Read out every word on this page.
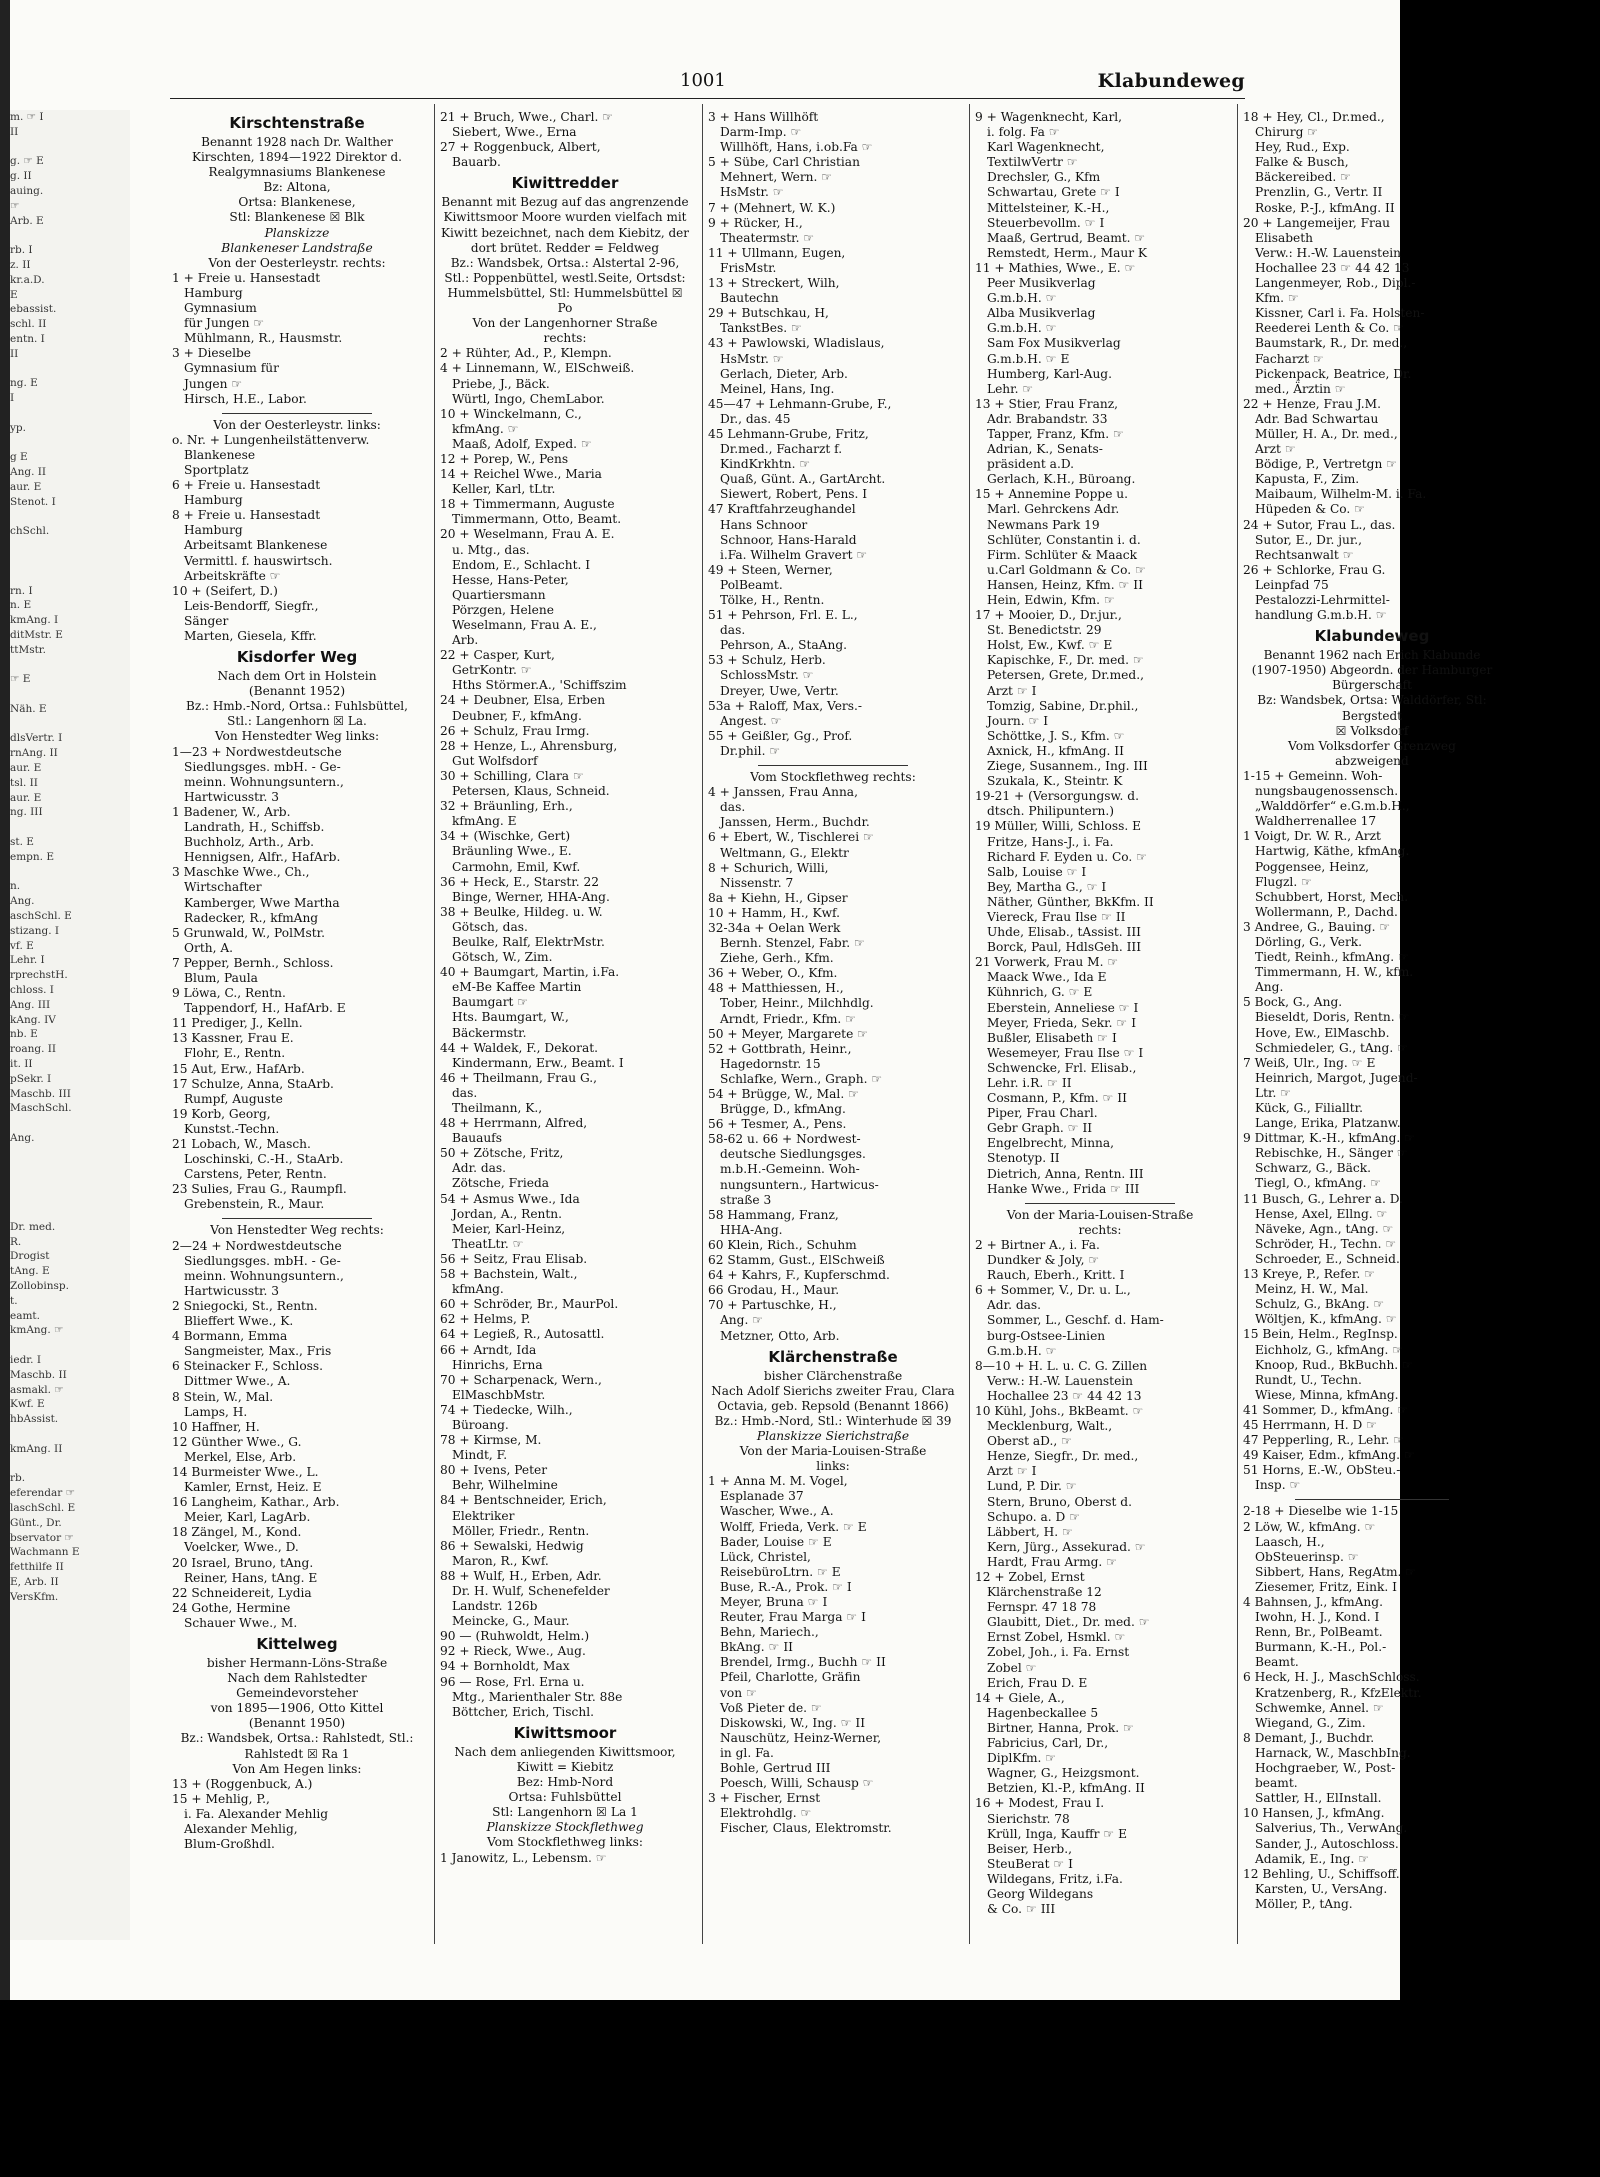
m. ☞ I
II

g. ☞ E
g. II
auing.
☞
Arb. E

rb. I
z. II
kr.a.D.
E
ebassist.
schl. II
entn. I
II

ng. E
I

yp.

g E
Ang. II
aur. E
Stenot. I

chSchl.

rn. I
n. E
kmAng. I
ditMstr. E
ttMstr.

☞ E

Näh. E

dlsVertr. I
rnAng. II
aur. E
tsl. II
aur. E
ng. III

st. E
empn. E

n.
Ang.
aschSchl. E
stizang. I
vf. E
Lehr. I
rprechstH.
chloss. I
Ang. III
kAng. IV
nb. E
roang. II
it. II
pSekr. I
Maschb. III
MaschSchl.

Ang.

Dr. med.
R.
Drogist
tAng. E
Zollobinsp.
t.
eamt.
kmAng. ☞

iedr. I
Maschb. II
asmakl. ☞
Kwf. E
hbAssist.

kmAng. II

rb.
eferendar ☞
laschSchl. E
Günt., Dr.
bservator ☞
Wachmann E
fetthilfe II
E, Arb. II
VersKfm.
1001	Klabundeweg
Kirschtenstraße
Benannt 1928 nach Dr. Walther Kirschten, 1894—1922 Direktor d. Realgymnasiums Blankenese
Bz: Altona,
Ortsa: Blankenese,
Stl: Blankenese ☒ Blk
Planskizze
Blankeneser Landstraße
Von der Oesterleystr. rechts:
1 + Freie u. Hansestadt
Hamburg
Gymnasium
für Jungen ☞
Mühlmann, R., Hausmstr.
3 + Dieselbe
Gymnasium für
Jungen ☞
Hirsch, H.E., Labor.
Von der Oesterleystr. links:
o. Nr. + Lungenheilstättenverw.
Blankenese
Sportplatz
6 + Freie u. Hansestadt
Hamburg
8 + Freie u. Hansestadt
Hamburg
Arbeitsamt Blankenese
Vermittl. f. hauswirtsch.
Arbeitskräfte ☞
10 + (Seifert, D.)
Leis-Bendorff, Siegfr.,
Sänger
Marten, Giesela, Kffr.
Kisdorfer Weg
Nach dem Ort in Holstein
(Benannt 1952)
Bz.: Hmb.-Nord, Ortsa.: Fuhlsbüttel, Stl.: Langenhorn ☒ La.
Von Henstedter Weg links:
1—23 + Nordwestdeutsche
Siedlungsges. mbH. - Ge-
meinn. Wohnungsuntern.,
Hartwicusstr. 3
1 Badener, W., Arb.
Landrath, H., Schiffsb.
Buchholz, Arth., Arb.
Hennigsen, Alfr., HafArb.
3 Maschke Wwe., Ch.,
Wirtschafter
Kamberger, Wwe Martha
Radecker, R., kfmAng
5 Grunwald, W., PolMstr.
Orth, A.
7 Pepper, Bernh., Schloss.
Blum, Paula
9 Löwa, C., Rentn.
Tappendorf, H., HafArb. E
11 Prediger, J., Kelln.
13 Kassner, Frau E.
Flohr, E., Rentn.
15 Aut, Erw., HafArb.
17 Schulze, Anna, StaArb.
Rumpf, Auguste
19 Korb, Georg,
Kunstst.-Techn.
21 Lobach, W., Masch.
Loschinski, C.-H., StaArb.
Carstens, Peter, Rentn.
23 Sulies, Frau G., Raumpfl.
Grebenstein, R., Maur.
Von Henstedter Weg rechts:
2—24 + Nordwestdeutsche
Siedlungsges. mbH. - Ge-
meinn. Wohnungsuntern.,
Hartwicusstr. 3
2 Sniegocki, St., Rentn.
Blieffert Wwe., K.
4 Bormann, Emma
Sangmeister, Max., Fris
6 Steinacker F., Schloss.
Dittmer Wwe., A.
8 Stein, W., Mal.
Lamps, H.
10 Haffner, H.
12 Günther Wwe., G.
Merkel, Else, Arb.
14 Burmeister Wwe., L.
Kamler, Ernst, Heiz. E
16 Langheim, Kathar., Arb.
Meier, Karl, LagArb.
18 Zängel, M., Kond.
Voelcker, Wwe., D.
20 Israel, Bruno, tAng.
Reiner, Hans, tAng. E
22 Schneidereit, Lydia
24 Gothe, Hermine
Schauer Wwe., M.
Kittelweg
bisher Hermann-Löns-Straße
Nach dem Rahlstedter
Gemeindevorsteher
von 1895—1906, Otto Kittel
(Benannt 1950)
Bz.: Wandsbek, Ortsa.: Rahlstedt, Stl.: Rahlstedt ☒ Ra 1
Von Am Hegen links:
13 + (Roggenbuck, A.)
15 + Mehlig, P.,
i. Fa. Alexander Mehlig
Alexander Mehlig,
Blum-Großhdl.
21 + Bruch, Wwe., Charl. ☞
Siebert, Wwe., Erna
27 + Roggenbuck, Albert,
Bauarb.
Kiwittredder
Benannt mit Bezug auf das angrenzende Kiwittsmoor Moore wurden vielfach mit Kiwitt bezeichnet, nach dem Kiebitz, der dort brütet. Redder = Feldweg
Bz.: Wandsbek, Ortsa.: Alstertal 2-96, Stl.: Poppenbüttel, westl.Seite, Ortsdst: Hummelsbüttel, Stl: Hummelsbüttel ☒ Po
Von der Langenhorner Straße
rechts:
2 + Rühter, Ad., P., Klempn.
4 + Linnemann, W., ElSchweiß.
Priebe, J., Bäck.
Würtl, Ingo, ChemLabor.
10 + Winckelmann, C.,
kfmAng. ☞
Maaß, Adolf, Exped. ☞
12 + Porep, W., Pens
14 + Reichel Wwe., Maria
Keller, Karl, tLtr.
18 + Timmermann, Auguste
Timmermann, Otto, Beamt.
20 + Weselmann, Frau A. E.
u. Mtg., das.
Endom, E., Schlacht. I
Hesse, Hans-Peter,
Quartiersmann
Pörzgen, Helene
Weselmann, Frau A. E.,
Arb.
22 + Casper, Kurt,
GetrKontr. ☞
Hths Störmer.A., 'Schiffszim
24 + Deubner, Elsa, Erben
Deubner, F., kfmAng.
26 + Schulz, Frau Irmg.
28 + Henze, L., Ahrensburg,
Gut Wolfsdorf
30 + Schilling, Clara ☞
Petersen, Klaus, Schneid.
32 + Bräunling, Erh.,
kfmAng. E
34 + (Wischke, Gert)
Bräunling Wwe., E.
Carmohn, Emil, Kwf.
36 + Heck, E., Starstr. 22
Binge, Werner, HHA-Ang.
38 + Beulke, Hildeg. u. W.
Götsch, das.
Beulke, Ralf, ElektrMstr.
Götsch, W., Zim.
40 + Baumgart, Martin, i.Fa.
eM-Be Kaffee Martin
Baumgart ☞
Hts. Baumgart, W.,
Bäckermstr.
44 + Waldek, F., Dekorat.
Kindermann, Erw., Beamt. I
46 + Theilmann, Frau G.,
das.
Theilmann, K.,
48 + Herrmann, Alfred,
Bauaufs
50 + Zötsche, Fritz,
Adr. das.
Zötsche, Frieda
54 + Asmus Wwe., Ida
Jordan, A., Rentn.
Meier, Karl-Heinz,
TheatLtr. ☞
56 + Seitz, Frau Elisab.
58 + Bachstein, Walt.,
kfmAng.
60 + Schröder, Br., MaurPol.
62 + Helms, P.
64 + Legieß, R., Autosattl.
66 + Arndt, Ida
Hinrichs, Erna
70 + Scharpenack, Wern.,
ElMaschbMstr.
74 + Tiedecke, Wilh.,
Büroang.
78 + Kirmse, M.
Mindt, F.
80 + Ivens, Peter
Behr, Wilhelmine
84 + Bentschneider, Erich,
Elektriker
Möller, Friedr., Rentn.
86 + Sewalski, Hedwig
Maron, R., Kwf.
88 + Wulf, H., Erben, Adr.
Dr. H. Wulf, Schenefelder
Landstr. 126b
Meincke, G., Maur.
90 — (Ruhwoldt, Helm.)
92 + Rieck, Wwe., Aug.
94 + Bornholdt, Max
96 — Rose, Frl. Erna u.
Mtg., Marienthaler Str. 88e
Böttcher, Erich, Tischl.
Kiwittsmoor
Nach dem anliegenden Kiwittsmoor, Kiwitt = Kiebitz
Bez: Hmb-Nord
Ortsa: Fuhlsbüttel
Stl: Langenhorn ☒ La 1
Planskizze Stockflethweg
Vom Stockflethweg links:
1 Janowitz, L., Lebensm. ☞
3 + Hans Willhöft
Darm-Imp. ☞
Willhöft, Hans, i.ob.Fa ☞
5 + Sübe, Carl Christian
Mehnert, Wern. ☞
HsMstr. ☞
7 + (Mehnert, W. K.)
9 + Rücker, H.,
Theatermstr. ☞
11 + Ullmann, Eugen,
FrisMstr.
13 + Streckert, Wilh,
Bautechn
29 + Butschkau, H,
TankstBes. ☞
43 + Pawlowski, Wladislaus,
HsMstr. ☞
Gerlach, Dieter, Arb.
Meinel, Hans, Ing.
45—47 + Lehmann-Grube, F.,
Dr., das. 45
45 Lehmann-Grube, Fritz,
Dr.med., Facharzt f.
KindKrkhtn. ☞
Quaß, Günt. A., GartArcht.
Siewert, Robert, Pens. I
47 Kraftfahrzeughandel
Hans Schnoor
Schnoor, Hans-Harald
i.Fa. Wilhelm Gravert ☞
49 + Steen, Werner,
PolBeamt.
Tölke, H., Rentn.
51 + Pehrson, Frl. E. L.,
das.
Pehrson, A., StaAng.
53 + Schulz, Herb.
SchlossMstr. ☞
Dreyer, Uwe, Vertr.
53a + Raloff, Max, Vers.-
Angest. ☞
55 + Geißler, Gg., Prof.
Dr.phil. ☞
Vom Stockflethweg rechts:
4 + Janssen, Frau Anna,
das.
Janssen, Herm., Buchdr.
6 + Ebert, W., Tischlerei ☞
Weltmann, G., Elektr
8 + Schurich, Willi,
Nissenstr. 7
8a + Kiehn, H., Gipser
10 + Hamm, H., Kwf.
32-34a + Oelan Werk
Bernh. Stenzel, Fabr. ☞
Ziehe, Gerh., Kfm.
36 + Weber, O., Kfm.
48 + Matthiessen, H.,
Tober, Heinr., Milchhdlg.
Arndt, Friedr., Kfm. ☞
50 + Meyer, Margarete ☞
52 + Gottbrath, Heinr.,
Hagedornstr. 15
Schlafke, Wern., Graph. ☞
54 + Brügge, W., Mal. ☞
Brügge, D., kfmAng.
56 + Tesmer, A., Pens.
58-62 u. 66 + Nordwest-
deutsche Siedlungsges.
m.b.H.-Gemeinn. Woh-
nungsuntern., Hartwicus-
straße 3
58 Hammang, Franz,
HHA-Ang.
60 Klein, Rich., Schuhm
62 Stamm, Gust., ElSchweiß
64 + Kahrs, F., Kupferschmd.
66 Grodau, H., Maur.
70 + Partuschke, H.,
Ang. ☞
Metzner, Otto, Arb.
Klärchenstraße
bisher Clärchenstraße
Nach Adolf Sierichs zweiter Frau, Clara Octavia, geb. Repsold (Benannt 1866)
Bz.: Hmb.-Nord, Stl.: Winterhude ☒ 39
Planskizze Sierichstraße
Von der Maria-Louisen-Straße
links:
1 + Anna M. M. Vogel,
Esplanade 37
Wascher, Wwe., A.
Wolff, Frieda, Verk. ☞ E
Bader, Louise ☞ E
Lück, Christel,
ReisebüroLtrn. ☞ E
Buse, R.-A., Prok. ☞ I
Meyer, Bruna ☞ I
Reuter, Frau Marga ☞ I
Behn, Mariech.,
BkAng. ☞ II
Brendel, Irmg., Buchh ☞ II
Pfeil, Charlotte, Gräfin
von ☞
Voß Pieter de. ☞
Diskowski, W., Ing. ☞ II
Nauschütz, Heinz-Werner,
in gl. Fa.
Bohle, Gertrud III
Poesch, Willi, Schausp ☞
3 + Fischer, Ernst
Elektrohdlg. ☞
Fischer, Claus, Elektromstr.
9 + Wagenknecht, Karl,
i. folg. Fa ☞
Karl Wagenknecht,
TextilwVertr ☞
Drechsler, G., Kfm
Schwartau, Grete ☞ I
Mittelsteiner, K.-H.,
Steuerbevollm. ☞ I
Maaß, Gertrud, Beamt. ☞
Remstedt, Herm., Maur K
11 + Mathies, Wwe., E. ☞
Peer Musikverlag
G.m.b.H. ☞
Alba Musikverlag
G.m.b.H. ☞
Sam Fox Musikverlag
G.m.b.H. ☞ E
Humberg, Karl-Aug.
Lehr. ☞
13 + Stier, Frau Franz,
Adr. Brabandstr. 33
Tapper, Franz, Kfm. ☞
Adrian, K., Senats-
präsident a.D.
Gerlach, K.H., Büroang.
15 + Annemine Poppe u.
Marl. Gehrckens Adr.
Newmans Park 19
Schlüter, Constantin i. d.
Firm. Schlüter & Maack
u.Carl Goldmann & Co. ☞
Hansen, Heinz, Kfm. ☞ II
Hein, Edwin, Kfm. ☞
17 + Mooier, D., Dr.jur.,
St. Benedictstr. 29
Holst, Ew., Kwf. ☞ E
Kapischke, F., Dr. med. ☞
Petersen, Grete, Dr.med.,
Arzt ☞ I
Tomzig, Sabine, Dr.phil.,
Journ. ☞ I
Schöttke, J. S., Kfm. ☞
Axnick, H., kfmAng. II
Ziege, Susannem., Ing. III
Szukala, K., Steintr. K
19-21 + (Versorgungsw. d.
dtsch. Philipuntern.)
19 Müller, Willi, Schloss. E
Fritze, Hans-J., i. Fa.
Richard F. Eyden u. Co. ☞
Salb, Louise ☞ I
Bey, Martha G., ☞ I
Näther, Günther, BkKfm. II
Viereck, Frau Ilse ☞ II
Uhde, Elisab., tAssist. III
Borck, Paul, HdlsGeh. III
21 Vorwerk, Frau M. ☞
Maack Wwe., Ida E
Kühnrich, G. ☞ E
Eberstein, Anneliese ☞ I
Meyer, Frieda, Sekr. ☞ I
Bußler, Elisabeth ☞ I
Wesemeyer, Frau Ilse ☞ I
Schwencke, Frl. Elisab.,
Lehr. i.R. ☞ II
Cosmann, P., Kfm. ☞ II
Piper, Frau Charl.
Gebr Graph. ☞ II
Engelbrecht, Minna,
Stenotyp. II
Dietrich, Anna, Rentn. III
Hanke Wwe., Frida ☞ III
Von der Maria-Louisen-Straße
rechts:
2 + Birtner A., i. Fa.
Dundker & Joly, ☞
Rauch, Eberh., Kritt. I
6 + Sommer, V., Dr. u. L.,
Adr. das.
Sommer, L., Geschf. d. Ham-
burg-Ostsee-Linien
G.m.b.H. ☞
8—10 + H. L. u. C. G. Zillen
Verw.: H.-W. Lauenstein
Hochallee 23 ☞ 44 42 13
10 Kühl, Johs., BkBeamt. ☞
Mecklenburg, Walt.,
Oberst aD., ☞
Henze, Siegfr., Dr. med.,
Arzt ☞ I
Lund, P. Dir. ☞
Stern, Bruno, Oberst d.
Schupo. a. D ☞
Läbbert, H. ☞
Kern, Jürg., Assekurad. ☞
Hardt, Frau Armg. ☞
12 + Zobel, Ernst
Klärchenstraße 12
Fernspr. 47 18 78
Glaubitt, Diet., Dr. med. ☞
Ernst Zobel, Hsmkl. ☞
Zobel, Joh., i. Fa. Ernst
Zobel ☞
Erich, Frau D. E
14 + Giele, A.,
Hagenbeckallee 5
Birtner, Hanna, Prok. ☞
Fabricius, Carl, Dr.,
DiplKfm. ☞
Wagner, G., Heizgsmont.
Betzien, Kl.-P., kfmAng. II
16 + Modest, Frau I.
Sierichstr. 78
Krüll, Inga, Kauffr ☞ E
Beiser, Herb.,
SteuBerat ☞ I
Wildegans, Fritz, i.Fa.
Georg Wildegans
& Co. ☞ III
18 + Hey, Cl., Dr.med.,
Chirurg ☞
Hey, Rud., Exp.
Falke & Busch,
Bäckereibed. ☞
Prenzlin, G., Vertr. II
Roske, P.-J., kfmAng. II
20 + Langemeijer, Frau
Elisabeth
Verw.: H.-W. Lauenstein
Hochallee 23 ☞ 44 42 13
Langenmeyer, Rob., Dipl.-
Kfm. ☞
Kissner, Carl i. Fa. Holsten-
Reederei Lenth & Co. ☞
Baumstark, R., Dr. med.,
Facharzt ☞
Pickenpack, Beatrice, Dr.
med., Ärztin ☞
22 + Henze, Frau J.M.
Adr. Bad Schwartau
Müller, H. A., Dr. med.,
Arzt ☞
Bödige, P., Vertretgn ☞
Kapusta, F., Zim.
Maibaum, Wilhelm-M. i. Fa.
Hüpeden & Co. ☞
24 + Sutor, Frau L., das.
Sutor, E., Dr. jur.,
Rechtsanwalt ☞
26 + Schlorke, Frau G.
Leinpfad 75
Pestalozzi-Lehrmittel-
handlung G.m.b.H. ☞
Klabundeweg
Benannt 1962 nach Erich Klabunde (1907-1950) Abgeordn. der Hamburger Bürgerschaft
Bz: Wandsbek, Ortsa: Walddörfer, Stl: Bergstedt
☒ Volksdorf
Vom Volksdorfer Grenzweg
abzweigend
1-15 + Gemeinn. Woh-
nungsbaugenossensch.
„Walddörfer“ e.G.m.b.H.,
Waldherrenallee 17
1 Voigt, Dr. W. R., Arzt
Hartwig, Käthe, kfmAng.
Poggensee, Heinz,
Flugzl. ☞
Schubbert, Horst, Mech.
Wollermann, P., Dachd.
3 Andree, G., Bauing. ☞
Dörling, G., Verk.
Tiedt, Reinh., kfmAng. ☞
Timmermann, H. W., kfm.
Ang.
5 Bock, G., Ang.
Bieseldt, Doris, Rentn. ☞
Hove, Ew., ElMaschb.
Schmiedeler, G., tAng. ☞
7 Weiß, Ulr., Ing. ☞ E
Heinrich, Margot, Jugend-
Ltr. ☞
Kück, G., Filialltr.
Lange, Erika, Platzanw.
9 Dittmar, K.-H., kfmAng. ☞
Rebischke, H., Sänger ☞
Schwarz, G., Bäck.
Tiegl, O., kfmAng. ☞
11 Busch, G., Lehrer a. D.
Hense, Axel, Ellng. ☞
Näveke, Agn., tAng. ☞
Schröder, H., Techn. ☞
Schroeder, E., Schneid.
13 Kreye, P., Refer. ☞
Meinz, H. W., Mal.
Schulz, G., BkAng. ☞
Wöltjen, K., kfmAng. ☞
15 Bein, Helm., RegInsp.
Eichholz, G., kfmAng. ☞
Knoop, Rud., BkBuchh. ☞
Rundt, U., Techn.
Wiese, Minna, kfmAng.
41 Sommer, D., kfmAng. ☞
45 Herrmann, H. D ☞
47 Pepperling, R., Lehr. ☞
49 Kaiser, Edm., kfmAng. ☞
51 Horns, E.-W., ObSteu.-
Insp. ☞
2-18 + Dieselbe wie 1-15
2 Löw, W., kfmAng. ☞
Laasch, H.,
ObSteuerinsp. ☞
Sibbert, Hans, RegAtm. ☞
Ziesemer, Fritz, Eink. I
4 Bahnsen, J., kfmAng.
Iwohn, H. J., Kond. I
Renn, Br., PolBeamt.
Burmann, K.-H., Pol.-
Beamt.
6 Heck, H. J., MaschSchloss.
Kratzenberg, R., KfzElektr.
Schwemke, Annel. ☞
Wiegand, G., Zim.
8 Demant, J., Buchdr.
Harnack, W., MaschbIng.
Hochgraeber, W., Post-
beamt.
Sattler, H., ElInstall.
10 Hansen, J., kfmAng.
Salverius, Th., VerwAng.
Sander, J., Autoschloss.
Adamik, E., Ing. ☞
12 Behling, U., Schiffsoff.
Karsten, U., VersAng.
Möller, P., tAng.
